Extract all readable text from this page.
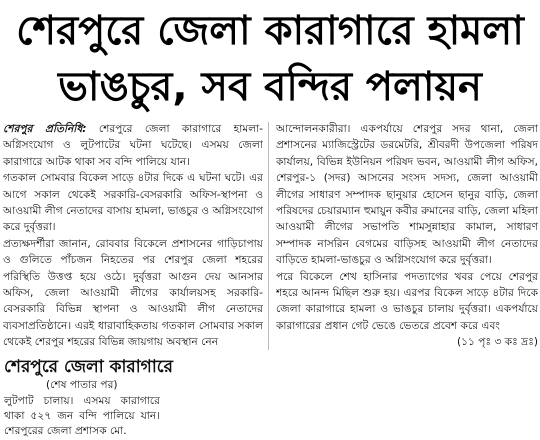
শেরপুরে জেলা কারাগারে হামলা
ভাঙচুর, সব বন্দির পলায়ন

শেরপুর প্রতিনিধি: শেরপুরে জেলা কারাগারে হামলা-অগ্নিসংযোগ ও লুটপাটের ঘটনা ঘটেছে। এসময় জেলা কারাগারে আটক থাকা সব বন্দি পালিয়ে যান।

গতকাল সোমবার বিকেল সাড়ে ৪টার দিকে এ ঘটনা ঘটে। এর আগে সকাল থেকেই সরকারি-বেসরকারি অফিস-স্থাপনা ও আওয়ামী লীগ নেতাদের বাসায় হামলা, ভাঙচুর ও অগ্নিসংযোগ করে দুর্বৃত্তরা।

প্রত্যক্ষদর্শীরা জানান, রোববার বিকেলে প্রশাসনের গাড়িচাপায় ও গুলিতে পাঁচজন নিহতের পর শেরপুর জেলা শহরের পরিস্থিতি উত্তপ্ত হয়ে ওঠে। দুর্বৃত্তরা আগুন দেয় আনসার অফিস, জেলা আওয়ামী লীগের কার্যালয়সহ সরকারি-বেসরকারি বিভিন্ন স্থাপনা ও আওয়ামী লীগ নেতাদের ব্যবসাপ্রতিষ্ঠানে। এরই ধারাবাহিকতায় গতকাল সোমবার সকাল থেকেই শেরপুর শহরের বিভিন্ন জায়গায় অবস্থান নেন

আন্দোলনকারীরা। একপর্যায়ে শেরপুর সদর থানা, জেলা প্রশাসনের ম্যাজিস্ট্রেটের ডরমেটরি, শ্রীবরদী উপজেলা পরিষদ কার্যালয়, বিভিন্ন ইউনিয়ন পরিষদ ভবন, আওয়ামী লীগ অফিস, শেরপুর-১ (সদর) আসনের সংসদ সদস্য, জেলা আওয়ামী লীগের সাধারণ সম্পাদক ছানুয়ার হোসেন ছানুর বাড়ি, জেলা পরিষদের চেয়ারম্যান হুমায়ুন কবীর রুমানের বাড়ি, জেলা মহিলা আওয়ামী লীগের সভাপতি শামসুন্নাহার কামাল, সাধারণ সম্পাদক নাসরিন বেগমের বাড়িসহ আওয়ামী লীগ নেতাদের বাড়িতে হামলা-ভাঙচুর ও অগ্নিসংযোগ করে দুর্বৃত্তরা।

পরে বিকেলে শেখ হাসিনার পদত্যাগের খবর পেয়ে শেরপুর শহরে আনন্দ মিছিল শুরু হয়। এরপর বিকেল সাড়ে ৪টার দিকে জেলা কারাগারে হামলা ও ভাঙচুর চালায় দুর্বৃত্তরা। একপর্যায়ে কারাগারের প্রধান গেট ভেঙে ভেতরে প্রবেশ করে এবং

(১১ পৃঃ ৩ কঃ দ্রঃ)

শেরপুরে জেলা কারাগারে
(শেষ পাতার পর)
লুটপাট চালায়। এসময় কারাগারে থাকা ৫২৭ জন বন্দি পালিয়ে যান। শেরপুরের জেলা প্রশাসক মো.
